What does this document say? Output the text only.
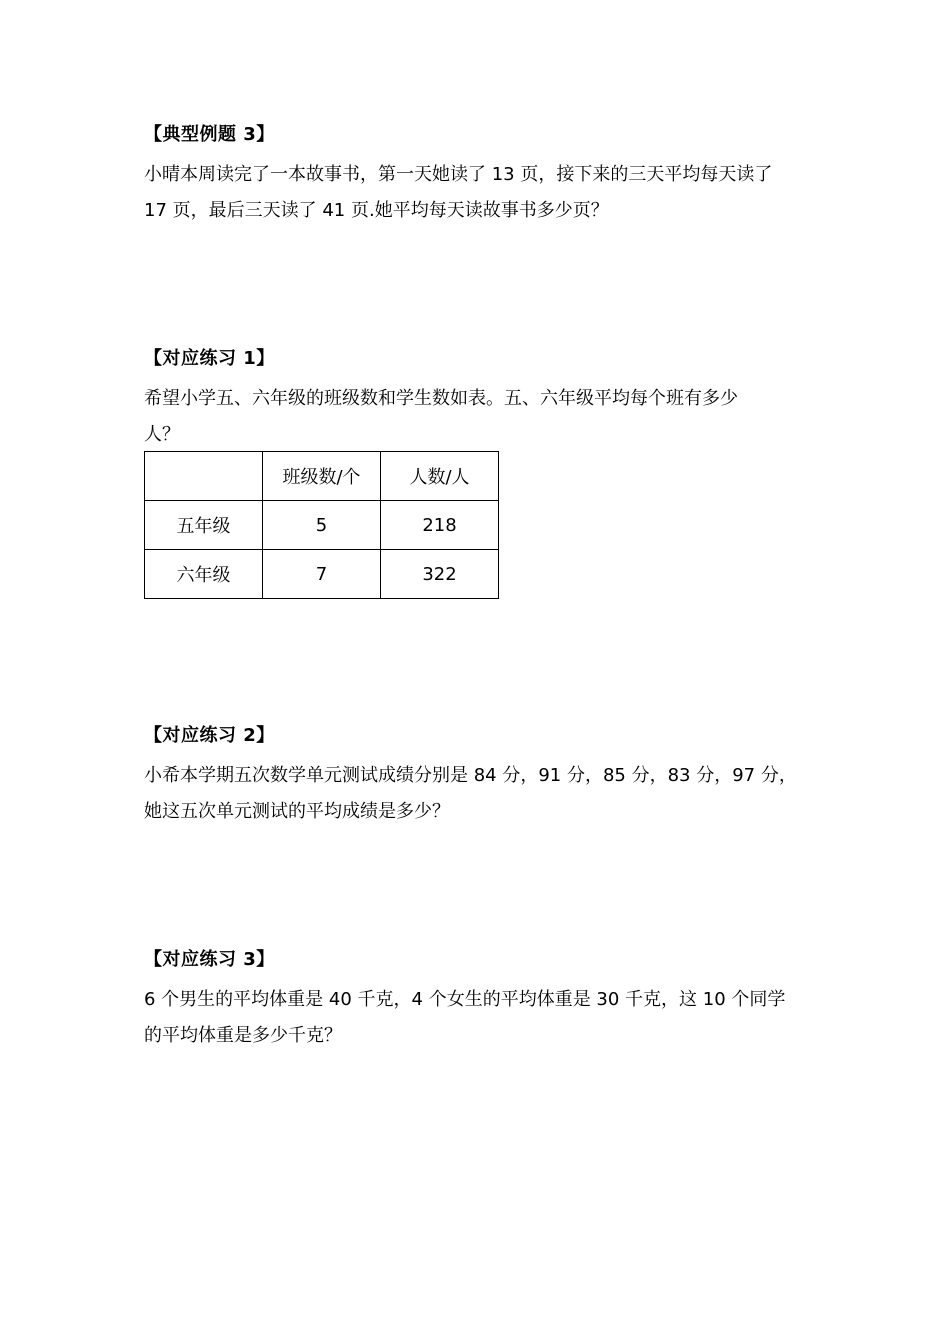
【典型例题 3】
小晴本周读完了一本故事书，第一天她读了 13 页，接下来的三天平均每天读了
17 页，最后三天读了 41 页.她平均每天读故事书多少页？
【对应练习 1】
希望小学五、六年级的班级数和学生数如表。五、六年级平均每个班有多少
人？
	班级数/个	人数/人
五年级	5	218
六年级	7	322
【对应练习 2】
小希本学期五次数学单元测试成绩分别是 84 分，91 分，85 分，83 分，97 分，
她这五次单元测试的平均成绩是多少？
【对应练习 3】
6 个男生的平均体重是 40 千克，4 个女生的平均体重是 30 千克，这 10 个同学
的平均体重是多少千克？
